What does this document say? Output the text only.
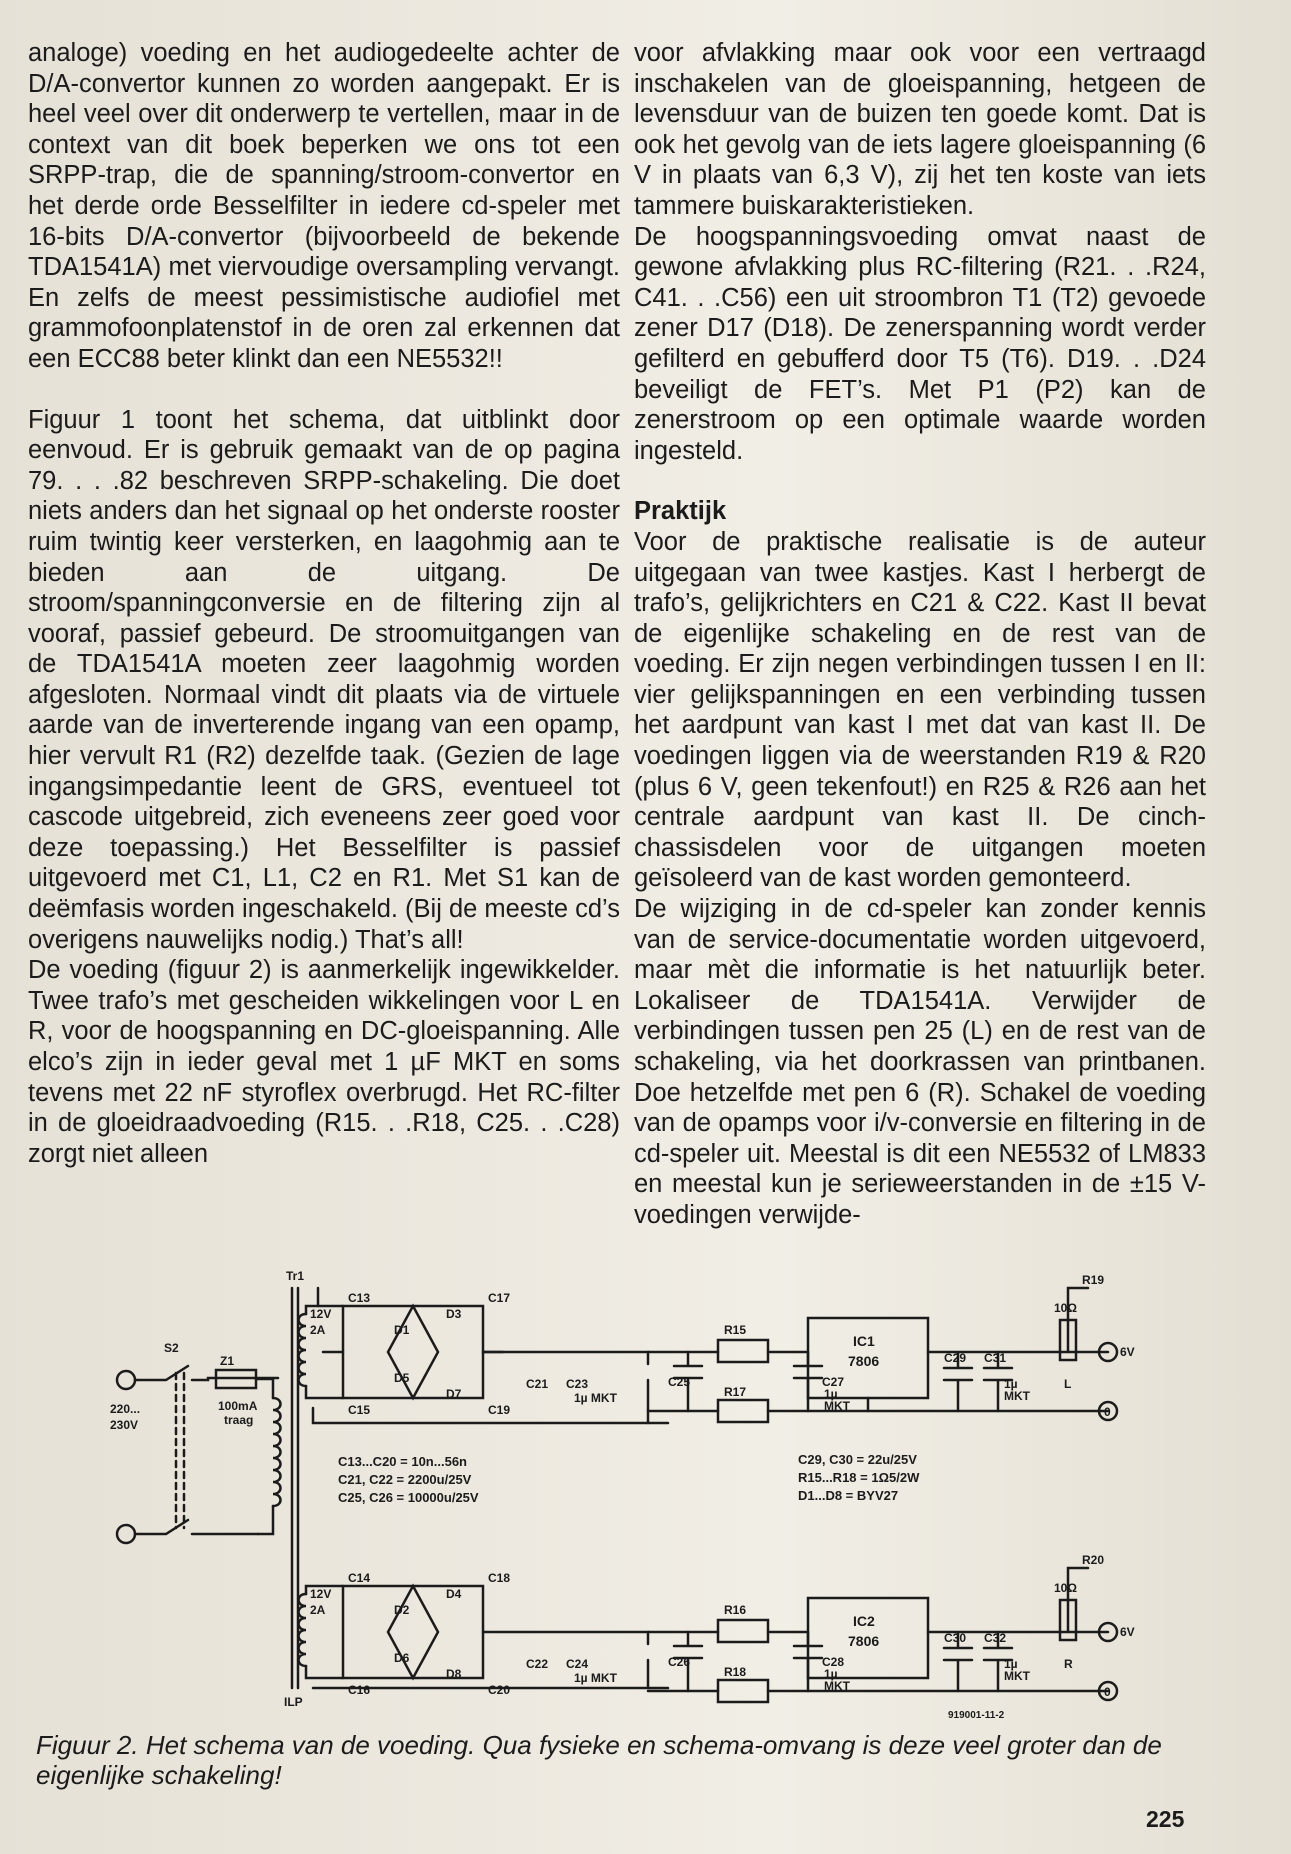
analoge) voeding en het audiogedeelte achter de D/A-convertor kunnen zo worden aangepakt. Er is heel veel over dit onderwerp te vertellen, maar in de context van dit boek beperken we ons tot een SRPP-trap, die de spanning/stroom-convertor en het derde orde Besselfilter in iedere cd-speler met 16-bits D/A-convertor (bijvoorbeeld de bekende TDA1541A) met viervoudige oversampling vervangt. En zelfs de meest pessimistische audiofiel met grammofoonplatenstof in de oren zal erkennen dat een ECC88 beter klinkt dan een NE5532!!

Figuur 1 toont het schema, dat uitblinkt door eenvoud. Er is gebruik gemaakt van de op pagina 79. . . .82 beschreven SRPP-schakeling. Die doet niets anders dan het signaal op het onderste rooster ruim twintig keer versterken, en laagohmig aan te bieden aan de uitgang. De stroom/spanningconversie en de filtering zijn al vooraf, passief gebeurd. De stroomuitgangen van de TDA1541A moeten zeer laagohmig worden afgesloten. Normaal vindt dit plaats via de virtuele aarde van de inverterende ingang van een opamp, hier vervult R1 (R2) dezelfde taak. (Gezien de lage ingangsimpedantie leent de GRS, eventueel tot cascode uitgebreid, zich eveneens zeer goed voor deze toepassing.) Het Besselfilter is passief uitgevoerd met C1, L1, C2 en R1. Met S1 kan de deëmfasis worden ingeschakeld. (Bij de meeste cd’s overigens nauwelijks nodig.) That’s all!

De voeding (figuur 2) is aanmerkelijk ingewikkelder. Twee trafo’s met gescheiden wikkelingen voor L en R, voor de hoogspanning en DC-gloeispanning. Alle elco’s zijn in ieder geval met 1 µF MKT en soms tevens met 22 nF styroflex overbrugd. Het RC-filter in de gloeidraadvoeding (R15. . .R18, C25. . .C28) zorgt niet alleen

voor afvlakking maar ook voor een vertraagd inschakelen van de gloeispanning, hetgeen de levensduur van de buizen ten goede komt. Dat is ook het gevolg van de iets lagere gloeispanning (6 V in plaats van 6,3 V), zij het ten koste van iets tammere buiskarakteristieken.

De hoogspanningsvoeding omvat naast de gewone afvlakking plus RC-filtering (R21. . .R24, C41. . .C56) een uit stroombron T1 (T2) gevoede zener D17 (D18). De zenerspanning wordt verder gefilterd en gebufferd door T5 (T6). D19. . .D24 beveiligt de FET’s. Met P1 (P2) kan de zenerstroom op een optimale waarde worden ingesteld.

Praktijk

Voor de praktische realisatie is de auteur uitgegaan van twee kastjes. Kast I herbergt de trafo’s, gelijkrichters en C21 & C22. Kast II bevat de eigenlijke schakeling en de rest van de voeding. Er zijn negen verbindingen tussen I en II: vier gelijkspanningen en een verbinding tussen het aardpunt van kast I met dat van kast II. De voedingen liggen via de weerstanden R19 & R20 (plus 6 V, geen tekenfout!) en R25 & R26 aan het centrale aardpunt van kast II. De cinch-chassisdelen voor de uitgangen moeten geïsoleerd van de kast worden gemonteerd.

De wijziging in de cd-speler kan zonder kennis van de service-documentatie worden uitgevoerd, maar mèt die informatie is het natuurlijk beter. Lokaliseer de TDA1541A. Verwijder de verbindingen tussen pen 25 (L) en de rest van de schakeling, via het doorkrassen van printbanen. Doe hetzelfde met pen 6 (R). Schakel de voeding van de opamps voor i/v-conversie en filtering in de cd-speler uit. Meestal is dit een NE5532 of LM833 en meestal kun je serieweerstanden in de ±15 V-voedingen verwijde-

220...
230V
S2
Z1
100mA
traag
Tr1
ILP
12V
2A
12V
2A
C13
C15
C17
C19
D1
D3
D5
D7
C21 C23
1µ MKT
R15
R17
C25	C27
1µ
MKT
IC1
7806	C29 C31
1µ
MKT
R19
10Ω
6V
L
0
C14
C16
C18
C20
D2
D4
D6
D8
C22 C24
1µ MKT
R16
R18
C26	C28
1µ
MKT
IC2
7806	C30 C32
1µ
MKT
R20
10Ω
6V
R
0
C13...C20 = 10n...56n
C21, C22 = 2200u/25V
C25, C26 = 10000u/25V
C29, C30 = 22u/25V
R15...R18 = 1Ω5/2W
D1...D8 = BYV27
919001-11-2
Figuur 2. Het schema van de voeding. Qua fysieke en schema-omvang is deze veel groter dan de eigenlijke schakeling!
225
